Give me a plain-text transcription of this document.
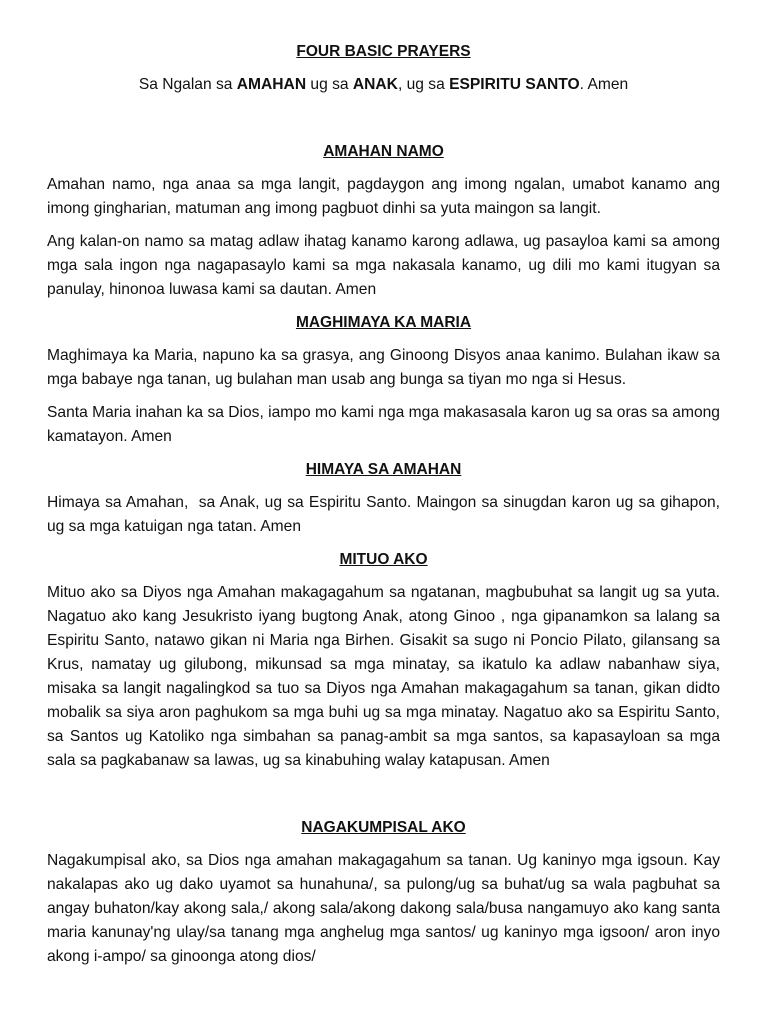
FOUR BASIC PRAYERS
Sa Ngalan sa AMAHAN ug sa ANAK, ug sa ESPIRITU SANTO. Amen
AMAHAN NAMO

Amahan namo, nga anaa sa mga langit, pagdaygon ang imong ngalan, umabot kanamo ang imong gingharian, matuman ang imong pagbuot dinhi sa yuta maingon sa langit.

Ang kalan-on namo sa matag adlaw ihatag kanamo karong adlawa, ug pasayloa kami sa among mga sala ingon nga nagapasaylo kami sa mga nakasala kanamo, ug dili mo kami itugyan sa panulay, hinonoa luwasa kami sa dautan. Amen

MAGHIMAYA KA MARIA

Maghimaya ka Maria, napuno ka sa grasya, ang Ginoong Disyos anaa kanimo. Bulahan ikaw sa mga babaye nga tanan, ug bulahan man usab ang bunga sa tiyan mo nga si Hesus.

Santa Maria inahan ka sa Dios, iampo mo kami nga mga makasasala karon ug sa oras sa among kamatayon. Amen

HIMAYA SA AMAHAN

Himaya sa Amahan,  sa Anak, ug sa Espiritu Santo. Maingon sa sinugdan karon ug sa gihapon, ug sa mga katuigan nga tatan. Amen

MITUO AKO

Mituo ako sa Diyos nga Amahan makagagahum sa ngatanan, magbubuhat sa langit ug sa yuta. Nagatuo ako kang Jesukristo iyang bugtong Anak, atong Ginoo , nga gipanamkon sa lalang sa Espiritu Santo, natawo gikan ni Maria nga Birhen. Gisakit sa sugo ni Poncio Pilato, gilansang sa Krus, namatay ug gilubong, mikunsad sa mga minatay, sa ikatulo ka adlaw nabanhaw siya, misaka sa langit nagalingkod sa tuo sa Diyos nga Amahan makagagahum sa tanan, gikan didto mobalik sa siya aron paghukom sa mga buhi ug sa mga minatay. Nagatuo ako sa Espiritu Santo, sa Santos ug Katoliko nga simbahan sa panag-ambit sa mga santos, sa kapasayloan sa mga sala sa pagkabanaw sa lawas, ug sa kinabuhing walay katapusan. Amen

NAGAKUMPISAL AKO

Nagakumpisal ako, sa Dios nga amahan makagagahum sa tanan. Ug kaninyo mga igsoun. Kay nakalapas ako ug dako uyamot sa hunahuna/, sa pulong/ug sa buhat/ug sa wala pagbuhat sa angay buhaton/kay akong sala,/ akong sala/akong dakong sala/busa nangamuyo ako kang santa maria kanunay'ng ulay/sa tanang mga anghelug mga santos/ ug kaninyo mga igsoon/ aron inyo akong i-ampo/ sa ginoonga atong dios/
